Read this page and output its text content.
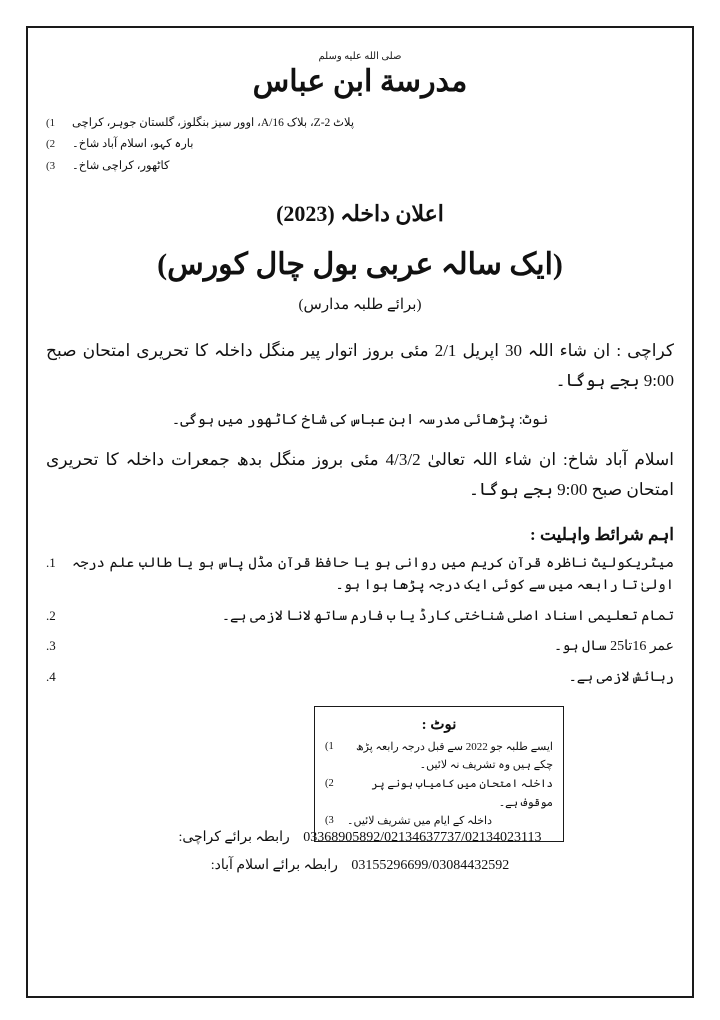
صلى الله عليه وسلم
مدرسة ابن عباس
پلاٹ 2-Z، بلاک 16/A، اوور سیز بنگلوز، گلستان جوہر، کراچی
(1
بارہ کہو، اسلام آباد شاخ۔
(2
کاٹھور، کراچی شاخ۔
(3
اعلان داخلہ (2023)
(ایک سالہ عربی بول چال کورس)
(برائے طلبہ مدارس)
کراچی : ان شاء اللہ 30 اپریل 2/1 مئی بروز اتوار پیر منگل داخلہ کا تحریری امتحان صبح 9:00 بجے ہوگا۔
نوٹ: پڑھائی مدرسہ ابن عباس کی شاخ کاٹھور میں ہوگی۔
اسلام آباد شاخ: ان شاء اللہ تعالیٰ 4/3/2 مئی بروز منگل بدھ جمعرات داخلہ کا تحریری امتحان صبح 9:00 بجے ہوگا۔
اہم شرائط واہلیت :
میٹریکولیٹ ناظرہ قرآن کریم میں روانی ہو یا حافظ قرآن مڈل پاس ہو یا طالب علم درجہ اولیٰ تا رابعہ میں سے کوئی ایک درجہ پڑھا ہوا ہو۔
.1
تمام تعلیمی اسناد اصلی شناختی کارڈ یا ب فارم ساتھ لانا لازمی ہے۔
.2
عمر 16تا25 سال ہو۔
.3
رہائش لازمی ہے۔
.4
نوٹ :
ایسے طلبہ جو 2022 سے قبل درجہ رابعہ پڑھ چکے ہیں وہ تشریف نہ لائیں۔
(1
داخلہ امتحان میں کامیاب ہونے پر موقوف ہے۔
(2
داخلہ کے ایام میں تشریف لائیں۔
(3
03368905892/02134637737/02134023113 رابطہ برائے کراچی:
03155296699/03084432592 رابطہ برائے اسلام آباد:
